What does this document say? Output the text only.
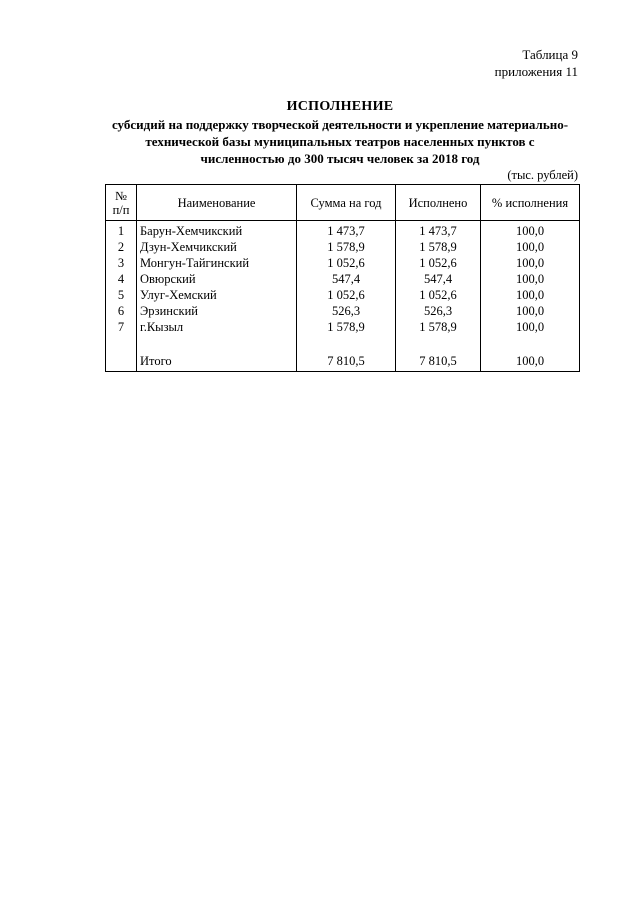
Таблица 9
приложения 11
ИСПОЛНЕНИЕ
субсидий на поддержку творческой деятельности и укрепление материально-
технической базы муниципальных театров населенных пунктов с
численностью до 300 тысяч человек за 2018 год
(тыс. рублей)
№
п/п	Наименование	Сумма на год	Исполнено	% исполнения
1	Барун-Хемчикский	1 473,7	1 473,7	100,0
2	Дзун-Хемчикский	1 578,9	1 578,9	100,0
3	Монгун-Тайгинский	1 052,6	1 052,6	100,0
4	Овюрский	547,4	547,4	100,0
5	Улуг-Хемский	1 052,6	1 052,6	100,0
6	Эрзинский	526,3	526,3	100,0
7	г.Кызыл	1 578,9	1 578,9	100,0

	Итого	7 810,5	7 810,5	100,0
